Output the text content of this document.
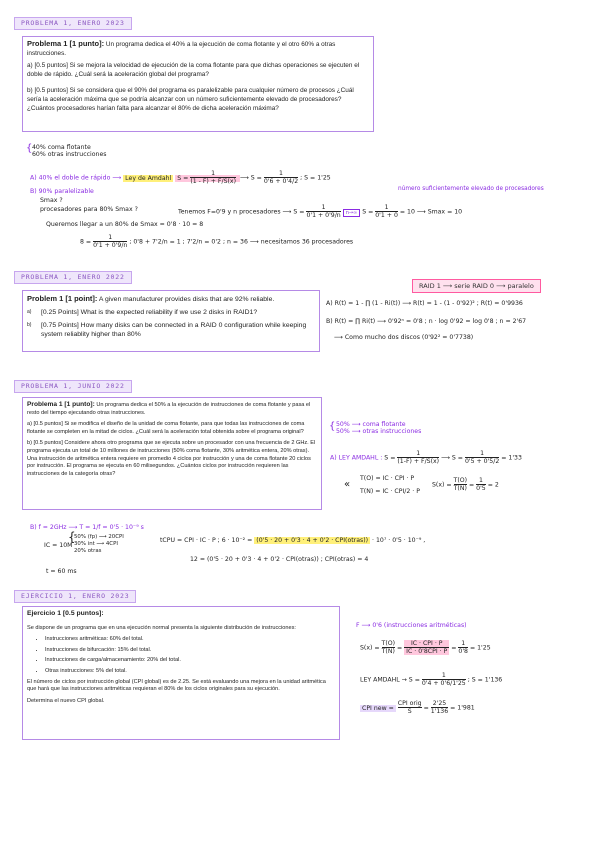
PROBLEMA 1, ENERO 2023

Problema 1 [1 punto]: Un programa dedica el 40% a la ejecución de coma flotante y el otro 60% a otras instrucciones.

a) [0.5 puntos] Si se mejora la velocidad de ejecución de la coma flotante para que dichas operaciones se ejecuten el doble de rápido. ¿Cuál será la aceleración global del programa?

b) [0.5 puntos] Si se considera que el 90% del programa es paralelizable para cualquier número de procesos ¿Cuál sería la aceleración máxima que se podría alcanzar con un número suficientemente elevado de procesadores? ¿Cuántos procesadores harían falta para alcanzar el 80% de dicha aceleración máxima?

{ 40% coma flotante
60% otras instrucciones
A) 40% el doble de rápido ⟶ Ley de Amdahl $S = \frac{1}{(1 - F) + F/S(x)}$ ⟶ $S = \frac{1}{0'6 + 0'4/2}$ ; S = 1'25
B) 90% paralelizable
Smax ?
procesadores para 80% Smax ?
número suficientemente elevado de procesadores
Tenemos F=0'9 y n procesadores ⟶ $S = \frac{1}{0'1 + 0'9/n} n\to\infty$ $S = \frac{1}{0'1 + 0} = 10$ ⟶ Smax = 10
Queremos llegar a un 80% de Smax = 0'8 · 10 = 8
$8 = \frac{1}{0'1 + 0'9/n}$ ; 0'8 + 7'2/n = 1 ; 7'2/n = 0'2 ; n = 36 ⟶ necesitamos 36 procesadores
PROBLEMA 1, ENERO 2022
RAID 1 ⟶ serie RAID 0 ⟶ paralelo

Problem 1 [1 point]: A given manufacturer provides disks that are 92% reliable.

a) [0.25 Points] What is the expected reliability if we use 2 disks in RAID1?

b) [0.75 Points] How many disks can be connected in a RAID 0 configuration while keeping system reliablity higher than 80%

A) R(t) = 1 - ∏ (1 - Ri(t)) ⟶ R(t) = 1 - (1 - 0'92)² ; R(t) = 0'9936
B) R(t) = ∏ Ri(t) ⟶ 0'92ⁿ = 0'8 ; n · log 0'92 = log 0'8 ; n = 2'67
⟶ Como mucho dos discos (0'92² = 0'7738)
PROBLEMA 1, JUNIO 2022

Problema 1 [1 punto]: Un programa dedica el 50% a la ejecución de instrucciones de coma flotante y pasa el resto del tiempo ejecutando otras instrucciones.

a) [0.5 puntos] Si se modifica el diseño de la unidad de coma flotante, para que todas las instrucciones de coma flotante se completen en la mitad de ciclos. ¿Cuál será la aceleración total obtenida sobre el programa original?

b) [0.5 puntos] Considere ahora otro programa que se ejecuta sobre un procesador con una frecuencia de 2 GHz. El programa ejecuta un total de 10 millones de instrucciones (50% coma flotante, 30% aritmética entera, 20% otras). Una instrucción de aritmética entera requiere en promedio 4 ciclos por instrucción y una de coma flotante 20 ciclos por instrucción. El programa se ejecuta en 60 milisegundos. ¿Cuántos ciclos por instrucción requieren las instrucciones de la categoría otras?

{ 50% ⟶ coma flotante
50% ⟶ otras instrucciones
A) LEY AMDAHL : $S = \frac{1}{(1-F) + F/S(x)}$ ⟶ $S = \frac{1}{0'5 + 0'5/2} = 1'33$
«
T(O) = IC · CPI · P
T(N) = IC · CPI/2 · P
$S(x) = \frac{T(O)}{T(N)} = \frac{1}{0'5} = 2$
B) f = 2GHz ⟶ T = 1/f = 0'5 · 10⁻⁹ s
IC = 10M
{
50% (fp) ⟶ 20CPI
30% int ⟶ 4CPI
20% otras
t = 60 ms
tCPU = CPI · IC · P ; 6 · 10⁻² = (0'5 · 20 + 0'3 · 4 + 0'2 · CPI(otras)) · 10⁷ · 0'5 · 10⁻⁹ ,
12 = (0'5 · 20 + 0'3 · 4 + 0'2 · CPI(otras)) ; CPI(otras) = 4
EJERCICIO 1, ENERO 2023

Ejercicio 1 [0.5 puntos]:

Se dispone de un programa que en una ejecución normal presenta la siguiente distribución de instrucciones:

• Instrucciones aritméticas: 60% del total.
• Instrucciones de bifurcación: 15% del total.
• Instrucciones de carga/almacenamiento: 20% del total.
• Otras instrucciones: 5% del total.

El número de ciclos por instrucción global (CPI global) es de 2.25. Se está evaluando una mejora en la unidad aritmética que hará que las instrucciones aritméticas requieran el 80% de los ciclos originales para su ejecución.

Determina el nuevo CPI global.

F ⟶ 0'6 (instrucciones aritméticas)
$S(x) = \frac{T(O)}{T(N)} = \frac{\text{IC · CPI · P}}{\text{IC · 0'8CPI · P}} = \frac{1}{0'8} = 1'25$
LEY AMDAHL → $S = \frac{1}{0'4 + 0'6/1'25}$ ; S = 1'136
CPI new = $\frac{\text{CPI orig}}{S} = \frac{2'25}{1'136} = 1'981$
